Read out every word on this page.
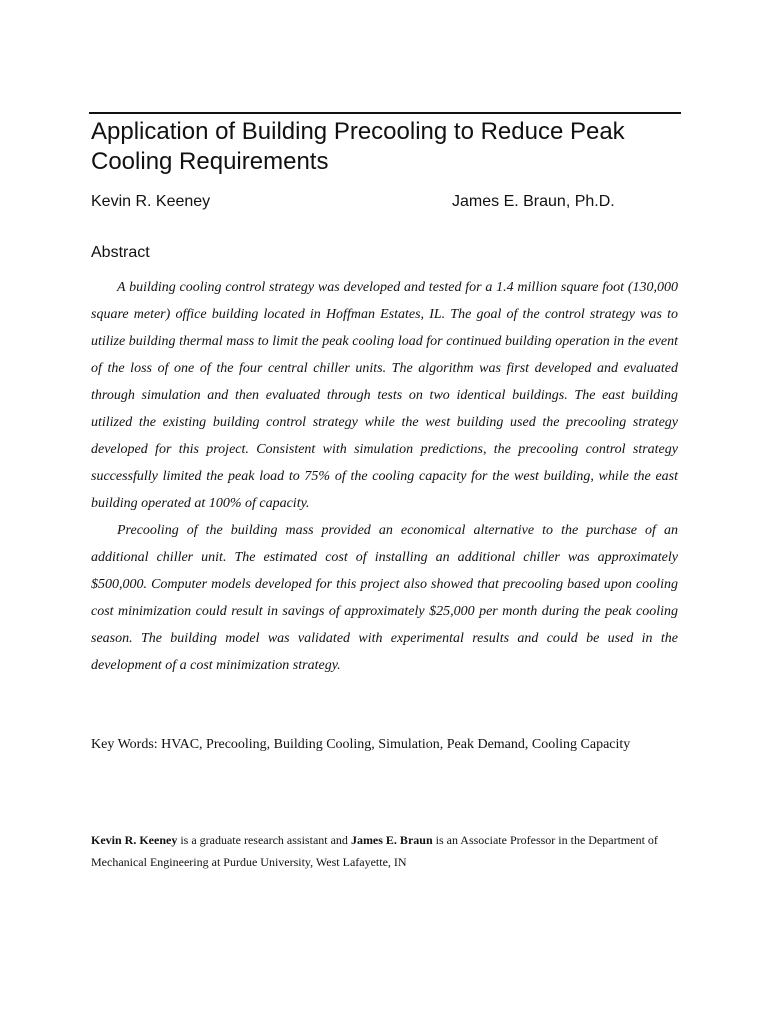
Application of Building Precooling to Reduce Peak Cooling Requirements
Kevin R. Keeney	James E. Braun, Ph.D.
Abstract

A building cooling control strategy was developed and tested for a 1.4 million square foot (130,000 square meter) office building located in Hoffman Estates, IL. The goal of the control strategy was to utilize building thermal mass to limit the peak cooling load for continued building operation in the event of the loss of one of the four central chiller units. The algorithm was first developed and evaluated through simulation and then evaluated through tests on two identical buildings. The east building utilized the existing building control strategy while the west building used the precooling strategy developed for this project. Consistent with simulation predictions, the precooling control strategy successfully limited the peak load to 75% of the cooling capacity for the west building, while the east building operated at 100% of capacity.

Precooling of the building mass provided an economical alternative to the purchase of an additional chiller unit. The estimated cost of installing an additional chiller was approximately $500,000. Computer models developed for this project also showed that precooling based upon cooling cost minimization could result in savings of approximately $25,000 per month during the peak cooling season. The building model was validated with experimental results and could be used in the development of a cost minimization strategy.

Key Words: HVAC, Precooling, Building Cooling, Simulation, Peak Demand, Cooling Capacity
Kevin R. Keeney is a graduate research assistant and James E. Braun is an Associate Professor in the Department of Mechanical Engineering at Purdue University, West Lafayette, IN
